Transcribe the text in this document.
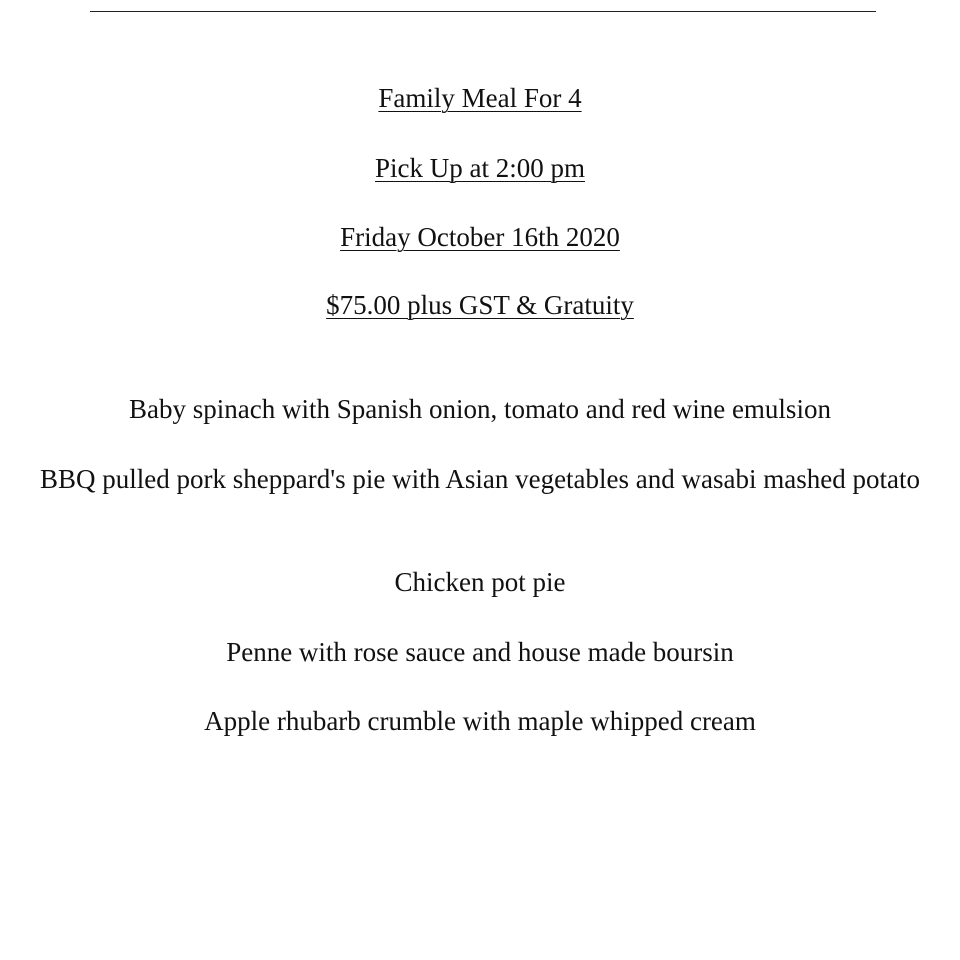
Family Meal For 4
Pick Up at 2:00 pm
Friday October 16th 2020
$75.00 plus GST & Gratuity
Baby spinach with Spanish onion, tomato and red wine emulsion
BBQ pulled pork sheppard's pie with Asian vegetables and wasabi mashed potato
Chicken pot pie
Penne with rose sauce and house made boursin
Apple rhubarb crumble with maple whipped cream
